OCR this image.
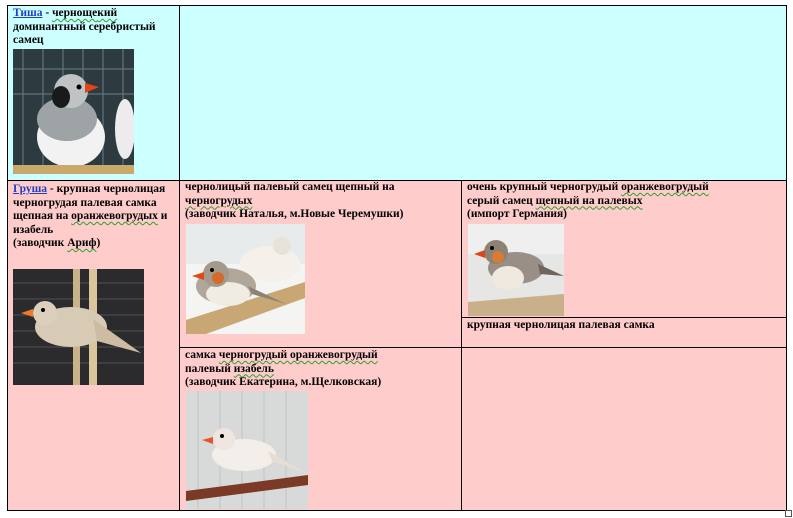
Тиша - чернощекий доминантный серебристый самец
Груша - крупная чернолицая черногрудая палевая самка щепная на оранжевогрудых и изабель
(заводчик Ариф)
чернолицый палевый самец щепный на
черногрудых
(заводчик Наталья, м.Новые Черемушки)
очень крупный черногрудый оранжевогрудый
серый самец щепный на палевых
(импорт Германия)
крупная чернолицая палевая самка
самка черногрудый оранжевогрудый
палевый изабель
(заводчик Екатерина, м.Щелковская)
